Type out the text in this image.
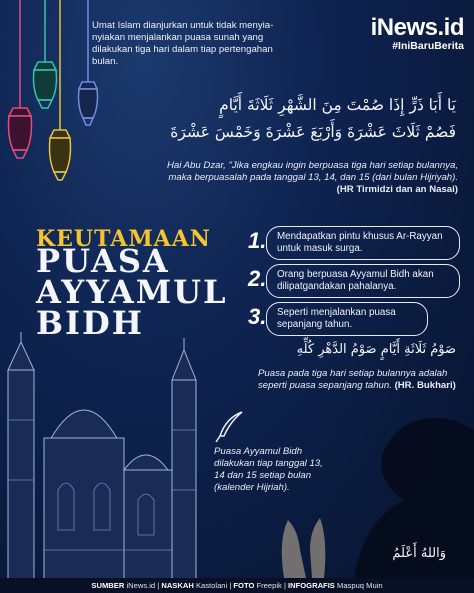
Umat Islam dianjurkan untuk tidak menyia-nyiakan menjalankan puasa sunah yang dilakukan tiga hari dalam tiap pertengahan bulan.
iNews.id
#IniBaruBerita
يَا أَبَا ذَرٍّ إِذَا صُمْتَ مِنَ الشَّهْرِ ثَلَاثَةَ أَيَّامٍ
فَصُمْ ثَلَاثَ عَشْرَةَ وَأَرْبَعَ عَشْرَةَ وَخَمْسَ عَشْرَةَ
Hai Abu Dzar, "Jika engkau ingin berpuasa tiga hari setiap bulannya, maka berpuasalah pada tanggal 13, 14, dan 15 (dari bulan Hijriyah). (HR Tirmidzi dan an Nasai)
KEUTAMAAN
PUASA
AYYAMUL
BIDH
1.	Mendapatkan pintu khusus Ar-Rayyan untuk masuk surga.
2.	Orang berpuasa Ayyamul Bidh akan dilipatgandakan pahalanya.
3.	Seperti menjalankan puasa sepanjang tahun.
صَوْمُ ثَلَاثَةِ أَيَّامٍ صَوْمُ الدَّهْرِ كُلِّهِ
Puasa pada tiga hari setiap bulannya adalah seperti puasa sepanjang tahun. (HR. Bukhari)
Puasa Ayyamul Bidh dilakukan tiap tanggal 13, 14 dan 15 setiap bulan (kalender Hijriah).
وَاللهُ أَعْلَمُ
SUMBER iNews.id | NASKAH Kastolani | FOTO Freepik | INFOGRAFIS Maspuq Muin
